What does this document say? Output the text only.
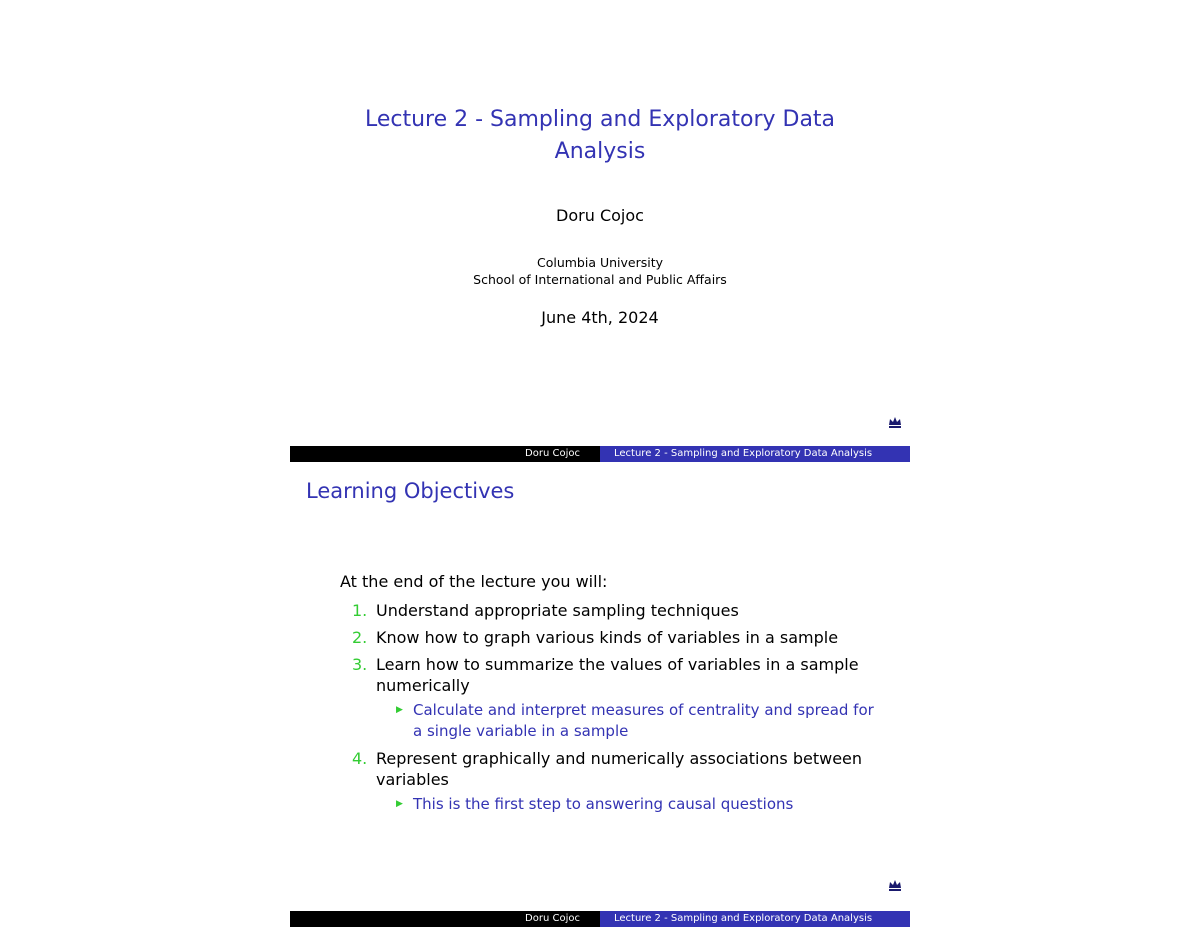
Lecture 2 - Sampling and Exploratory Data
Analysis
Doru Cojoc
Columbia University
School of International and Public Affairs
June 4th, 2024
Doru Cojoc	Lecture 2 - Sampling and Exploratory Data Analysis
Learning Objectives

At the end of the lecture you will:

1. Understand appropriate sampling techniques
2. Know how to graph various kinds of variables in a sample
3. Learn how to summarize the values of variables in a sample numerically
▶ Calculate and interpret measures of centrality and spread for a single variable in a sample
4. Represent graphically and numerically associations between variables
▶ This is the first step to answering causal questions
Doru Cojoc	Lecture 2 - Sampling and Exploratory Data Analysis
